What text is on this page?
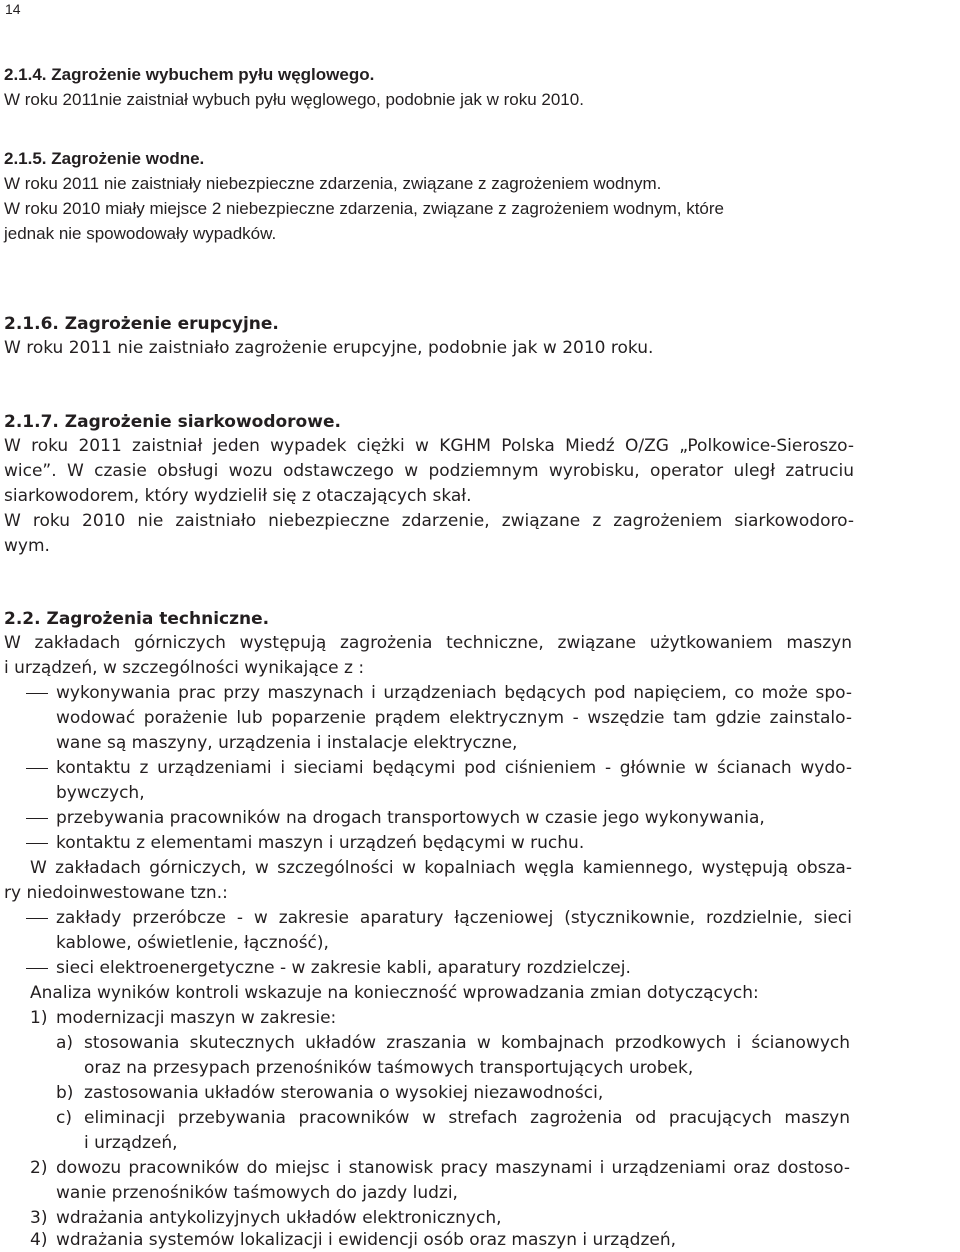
14
2.1.4. Zagrożenie wybuchem pyłu węglowego.
W roku 2011nie zaistniał wybuch pyłu węglowego, podobnie jak w roku 2010.
2.1.5. Zagrożenie wodne.
W roku 2011 nie zaistniały niebezpieczne zdarzenia, związane z zagrożeniem wodnym.
W roku 2010 miały miejsce 2 niebezpieczne zdarzenia, związane z zagrożeniem wodnym, które
jednak nie spowodowały wypadków.
2.1.6. Zagrożenie erupcyjne.
W roku 2011 nie zaistniało zagrożenie erupcyjne, podobnie jak w 2010 roku.
2.1.7. Zagrożenie siarkowodorowe.
W roku 2011 zaistniał jeden wypadek ciężki w KGHM Polska Miedź O/ZG „Polkowice-Sieroszo-
wice”. W czasie obsługi wozu odstawczego w podziemnym wyrobisku, operator uległ zatruciu
siarkowodorem, który wydzielił się z otaczających skał.
W roku 2010 nie zaistniało niebezpieczne zdarzenie, związane z zagrożeniem siarkowodoro-
wym.
2.2. Zagrożenia techniczne.
W zakładach górniczych występują zagrożenia techniczne, związane użytkowaniem maszyn
i urządzeń, w szczególności wynikające z :
wykonywania prac przy maszynach i urządzeniach będących pod napięciem, co może spo-
wodować porażenie lub poparzenie prądem elektrycznym - wszędzie tam gdzie zainstalo-
wane są maszyny, urządzenia i instalacje elektryczne,
kontaktu z urządzeniami i sieciami będącymi pod ciśnieniem - głównie w ścianach wydo-
bywczych,
przebywania pracowników na drogach transportowych w czasie jego wykonywania,
kontaktu z elementami maszyn i urządzeń będącymi w ruchu.
W zakładach górniczych, w szczególności w kopalniach węgla kamiennego, występują obsza-
ry niedoinwestowane tzn.:
zakłady przeróbcze - w zakresie aparatury łączeniowej (stycznikownie, rozdzielnie, sieci
kablowe, oświetlenie, łączność),
sieci elektroenergetyczne - w zakresie kabli, aparatury rozdzielczej.
Analiza wyników kontroli wskazuje na konieczność wprowadzania zmian dotyczących:
1) modernizacji maszyn w zakresie:
a) stosowania skutecznych układów zraszania w kombajnach przodkowych i ścianowych
oraz na przesypach przenośników taśmowych transportujących urobek,
b) zastosowania układów sterowania o wysokiej niezawodności,
c) eliminacji przebywania pracowników w strefach zagrożenia od pracujących maszyn
i urządzeń,
2) dowozu pracowników do miejsc i stanowisk pracy maszynami i urządzeniami oraz dostoso-
wanie przenośników taśmowych do jazdy ludzi,
3) wdrażania antykolizyjnych układów elektronicznych,
4) wdrażania systemów lokalizacji i ewidencji osób oraz maszyn i urządzeń,
